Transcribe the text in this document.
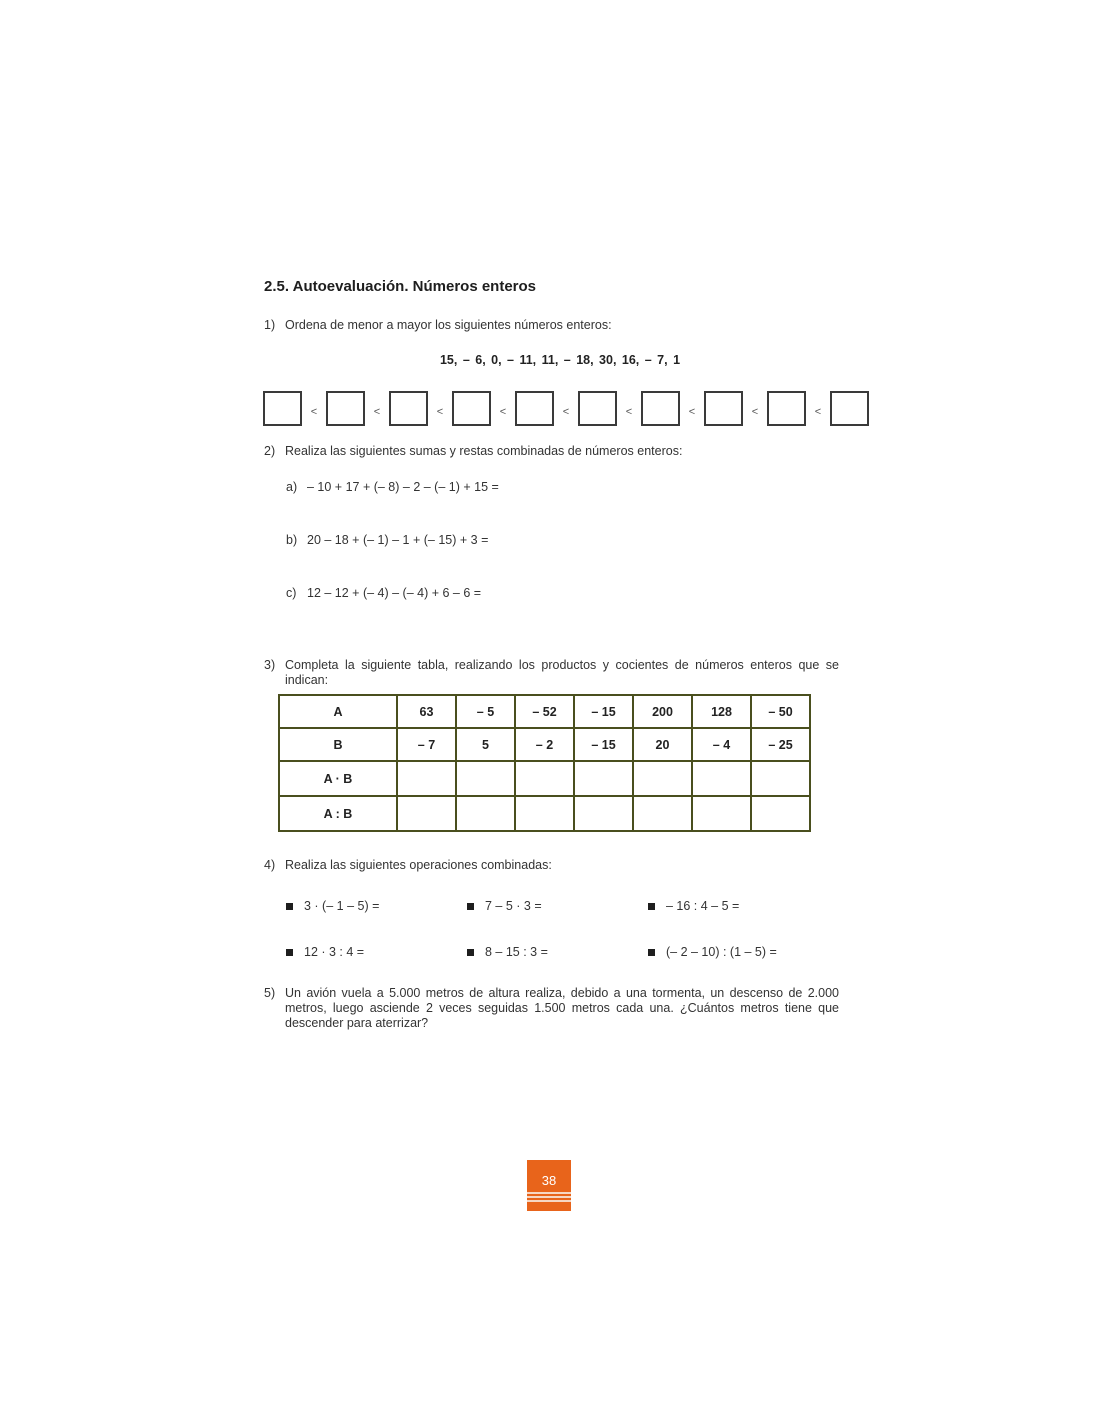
2.5. Autoevaluación. Números enteros
1) Ordena de menor a mayor los siguientes números enteros:
15, – 6, 0, – 11, 11, – 18, 30, 16, – 7, 1
<	<	<	<	<	<	<	<	<
2) Realiza las siguientes sumas y restas combinadas de números enteros:
a) – 10 + 17 + (– 8) – 2 – (– 1) + 15 =
b) 20 – 18 + (– 1) – 1 + (– 15) + 3 =
c) 12 – 12 + (– 4) – (– 4) + 6 – 6 =
3) Completa la siguiente tabla, realizando los productos y cocientes de números enteros que se indican:
A	63	– 5	– 52	– 15	200	128	– 50
B	– 7	5	– 2	– 15	20	– 4	– 25
A · B							
A : B							
4) Realiza las siguientes operaciones combinadas:
3 · (– 1 – 5) =	7 – 5 · 3 =	– 16 : 4 – 5 =
12 · 3 : 4 =	8 – 15 : 3 =	(– 2 – 10) : (1 – 5) =
5) Un avión vuela a 5.000 metros de altura realiza, debido a una tormenta, un descenso de 2.000 metros, luego asciende 2 veces seguidas 1.500 metros cada una. ¿Cuántos metros tiene que descender para aterrizar?
38
